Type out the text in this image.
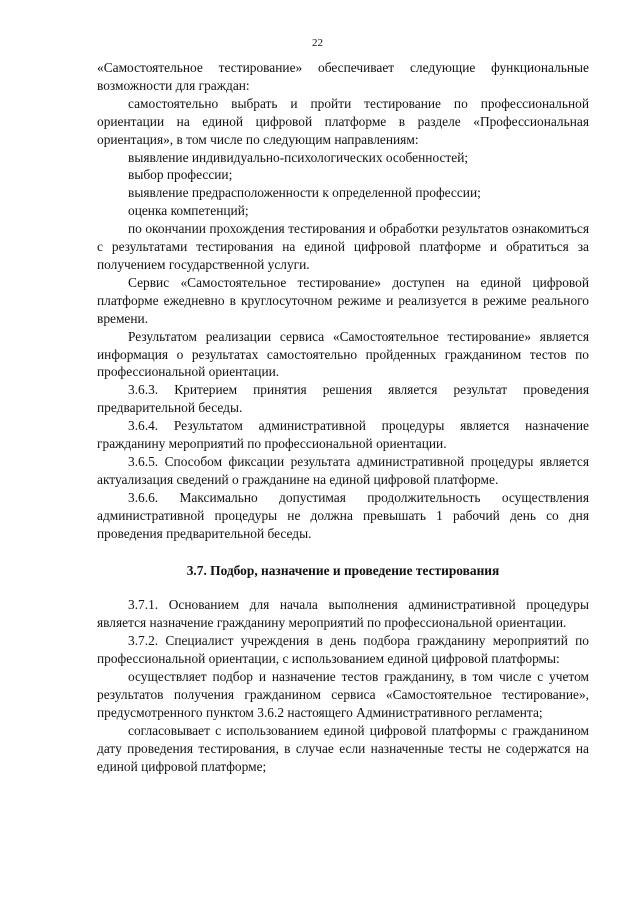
22

«Самостоятельное тестирование» обеспечивает следующие функциональные возможности для граждан:

самостоятельно выбрать и пройти тестирование по профессиональной ориентации на единой цифровой платформе в разделе «Профессиональная ориентация», в том числе по следующим направлениям:

выявление индивидуально-психологических особенностей;

выбор профессии;

выявление предрасположенности к определенной профессии;

оценка компетенций;

по окончании прохождения тестирования и обработки результатов ознакомиться с результатами тестирования на единой цифровой платформе и обратиться за получением государственной услуги.

Сервис «Самостоятельное тестирование» доступен на единой цифровой платформе ежедневно в круглосуточном режиме и реализуется в режиме реального времени.

Результатом реализации сервиса «Самостоятельное тестирование» является информация о результатах самостоятельно пройденных гражданином тестов по профессиональной ориентации.

3.6.3. Критерием принятия решения является результат проведения предварительной беседы.

3.6.4. Результатом административной процедуры является назначение гражданину мероприятий по профессиональной ориентации.

3.6.5. Способом фиксации результата административной процедуры является актуализация сведений о гражданине на единой цифровой платформе.

3.6.6. Максимально допустимая продолжительность осуществления административной процедуры не должна превышать 1 рабочий день со дня проведения предварительной беседы.

3.7. Подбор, назначение и проведение тестирования

3.7.1. Основанием для начала выполнения административной процедуры является назначение гражданину мероприятий по профессиональной ориентации.

3.7.2. Специалист учреждения в день подбора гражданину мероприятий по профессиональной ориентации, с использованием единой цифровой платформы:

осуществляет подбор и назначение тестов гражданину, в том числе с учетом результатов получения гражданином сервиса «Самостоятельное тестирование», предусмотренного пунктом 3.6.2 настоящего Административного регламента;

согласовывает с использованием единой цифровой платформы с гражданином дату проведения тестирования, в случае если назначенные тесты не содержатся на единой цифровой платформе;
